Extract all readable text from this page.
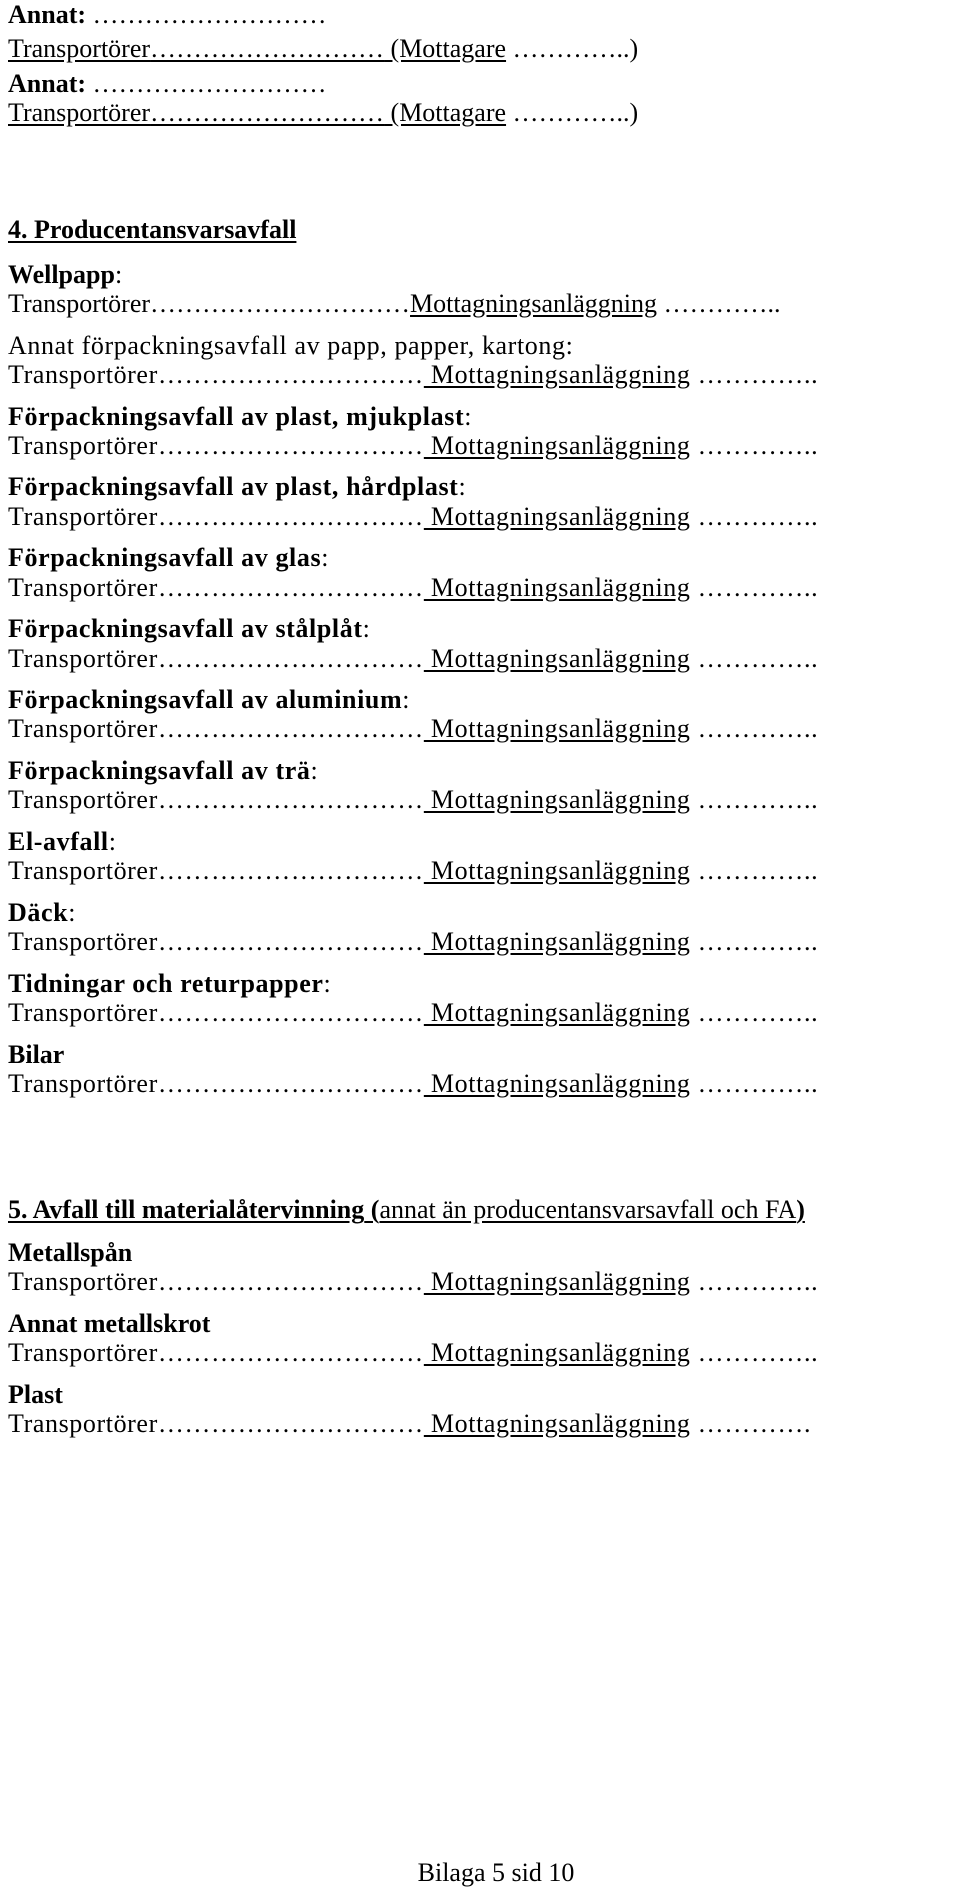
Annat: ………………………
Transportörer……………………… (Mottagare …………..)
Annat: ………………………
Transportörer……………………… (Mottagare …………..)
4. Producentansvarsavfall
Wellpapp:
Transportörer…………………………Mottagningsanläggning …………..
Annat förpackningsavfall av papp, papper, kartong:
Transportörer………………………… Mottagningsanläggning …………..
Förpackningsavfall av plast, mjukplast:
Transportörer………………………… Mottagningsanläggning …………..
Förpackningsavfall av plast, hårdplast:
Transportörer………………………… Mottagningsanläggning …………..
Förpackningsavfall av glas:
Transportörer………………………… Mottagningsanläggning …………..
Förpackningsavfall av stålplåt:
Transportörer………………………… Mottagningsanläggning …………..
Förpackningsavfall av aluminium:
Transportörer………………………… Mottagningsanläggning …………..
Förpackningsavfall av trä:
Transportörer………………………… Mottagningsanläggning …………..
El-avfall:
Transportörer………………………… Mottagningsanläggning …………..
Däck:
Transportörer………………………… Mottagningsanläggning …………..
Tidningar och returpapper:
Transportörer………………………… Mottagningsanläggning …………..
Bilar
Transportörer………………………… Mottagningsanläggning …………..
5. Avfall till materialåtervinning (annat än producentansvarsavfall och FA)
Metallspån
Transportörer………………………… Mottagningsanläggning …………..
Annat metallskrot
Transportörer………………………… Mottagningsanläggning …………..
Plast
Transportörer………………………… Mottagningsanläggning ………….
Bilaga 5 sid 10
